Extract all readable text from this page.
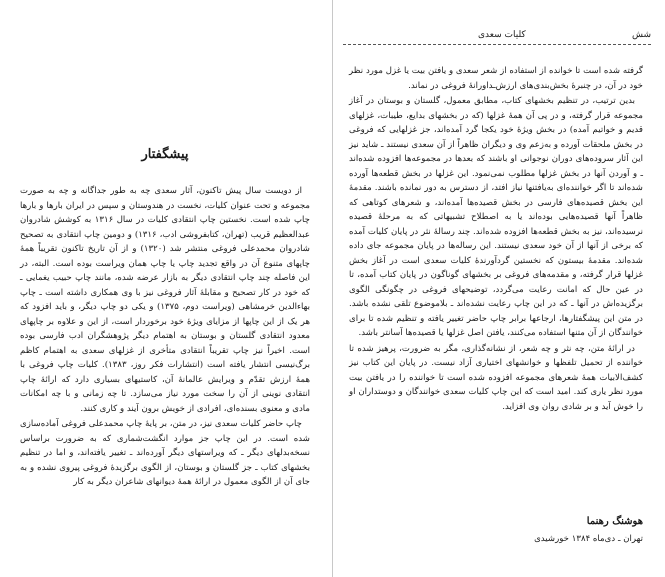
پیشگفتار

از دویست سال پیش تاکنون، آثار سعدی چه به طور جداگانه و چه به صورت مجموعه و تحت عنوان کلیات، نخست در هندوستان و سپس در ایران بارها و بارها چاپ شده است. نخستین چاپ انتقادی کلیات در سال ۱۳۱۶ به کوشش شادروان عبدالعظیم قریب (تهران، کتابفروشی ادب، ۱۳۱۶) و دومین چاپ انتقادی به تصحیح شادروان محمدعلی فروغی منتشر شد (۱۳۲۰) و از آن تاریخ تاکنون تقریباً همهٔ چاپهای متنوع آن در واقع تجدید چاپ یا چاپ همان ویراست بوده است. البته، در این فاصله چند چاپ انتقادی دیگر به بازار عرضه شده، مانند چاپ حبیب یغمایی ـ که خود در کار تصحیح و مقابلهٔ آثار فروغی نیز با وی همکاری داشته است ـ چاپ بهاءالدین خرمشاهی (ویراست دوم، ۱۳۷۵) و یکی دو چاپ دیگر، و باید افزود که هر یک از این چاپها از مزایای ویژهٔ خود برخوردار است، از این و علاوه بر چاپهای معدود انتقادی گلستان و بوستان به اهتمام دیگر پژوهشگران ادب فارسی بوده است. اخیراً نیز چاپ تقریباً انتقادی متأخری از غزلهای سعدی به اهتمام کاظم برگ‌نیسی انتشار یافته است (انتشارات فکر روز، ۱۳۸۳). کلیات چاپ فروغی با همهٔ ارزش تقدّم و ویرایش عالمانهٔ آن، کاستیهای بسیاری دارد که ارائهٔ چاپ انتقادی نوینی از آن را سخت مورد نیاز می‌سازد. تا چه زمانی و با چه امکانات مادی و معنوی بسنده‌ای، افرادی از خویش برون آیند و کاری کنند.

چاپ حاضر کلیات سعدی نیز، در متن، بر پایهٔ چاپ محمدعلی فروغی آماده‌سازی شده است. در این چاپ جز موارد انگشت‌شماری که به ضرورت براساس نسخه‌بدلهای دیگر ـ که ویراستهای دیگر آورده‌اند ـ تغییر یافته‌اند، و اما در تنظیم بخشهای کتاب ـ جز گلستان و بوستان، از الگوی برگزیدهٔ فروغی پیروی نشده و به جای آن از الگوی معمول در ارائهٔ همهٔ دیوانهای شاعران دیگر به کار

کلیات سعدی	شش

گرفته شده است تا خوانده از استفاده از شعر سعدی و یافتن بیت یا غزل مورد نظر خود در آن، در چنبرهٔ بخش‌بندی‌های ارزش‌ـداورانهٔ فروغی در نماند.

بدین ترتیب، در تنظیم بخشهای کتاب، مطابق معمول، گلستان و بوستان در آغاز مجموعه قرار گرفته، و در پی آن همهٔ غزلها (که در بخشهای بدایع، طیبات، غزلهای قدیم و خواتیم آمده) در بخش ویژهٔ خود یکجا گرد آمده‌اند، جز غزلهایی که فروغی در بخش ملحقات آورده و به‌زعم وی و دیگران ظاهراً از آن سعدی نیستند ـ شاید نیز این آثار سروده‌های دوران نوجوانی او باشند که بعدها در مجموعه‌ها افزوده شده‌اند ـ و آوردن آنها در بخش غزلها مطلوب نمی‌نمود. این غزلها در بخش قطعه‌ها آورده شده‌اند تا اگر خواننده‌ای به‌یافتنها نیاز افتد، از دسترس به دور نمانده باشند. مقدمهٔ این بخش قصیده‌های فارسی در بخش قصیده‌ها آمده‌اند، و شعرهای کوتاهی که ظاهراً آنها قصیده‌هایی بوده‌اند یا به اصطلاح تشبیهاتی که به مرحلهٔ قصیده نرسیده‌اند، نیز به بخش قطعه‌ها افزوده شده‌اند. چند رسالهٔ نثر در پایان کلیات آمده که برخی از آنها از آن خود سعدی نیستند. این رساله‌ها در پایان مجموعه جای داده شده‌اند. مقدمهٔ بیستون که نخستین گردآورندهٔ کلیات سعدی است در آغاز بخش غزلها قرار گرفته، و مقدمه‌های فروغی بر بخشهای گوناگون در پایان کتاب آمده، تا در عین حال که امانت رعایت می‌گردد، توضیحهای فروغی در چگونگی الگوی برگزیده‌اش در آنها ـ که در این چاپ رعایت نشده‌اند ـ بلاموضوع تلقی نشده باشد. در متن این پیشگفتارها، ارجاعها برابر چاپ حاضر تغییر یافته و تنظیم شده تا برای خوانندگان از آن متنها استفاده می‌کنند، یافتن اصل غزلها یا قصیده‌ها آسانتر باشد.

در ارائهٔ متن، چه نثر و چه شعر، از نشانه‌گذاری، مگر به ضرورت، پرهیز شده تا خواننده از تحمیل تلفظها و خوانشهای اختیاری آزاد نیست. در پایان این کتاب نیز کشف‌الابیات همهٔ شعرهای مجموعه افزوده شده است تا خواننده را در یافتن بیت مورد نظر یاری کند. امید است که این چاپ کلیات سعدی خوانندگان و دوستداران او را خوش آید و بر شادی روان وی افزاید.

هوشنگ رهنما
تهران ـ دی‌ماه ۱۳۸۴ خورشیدی
